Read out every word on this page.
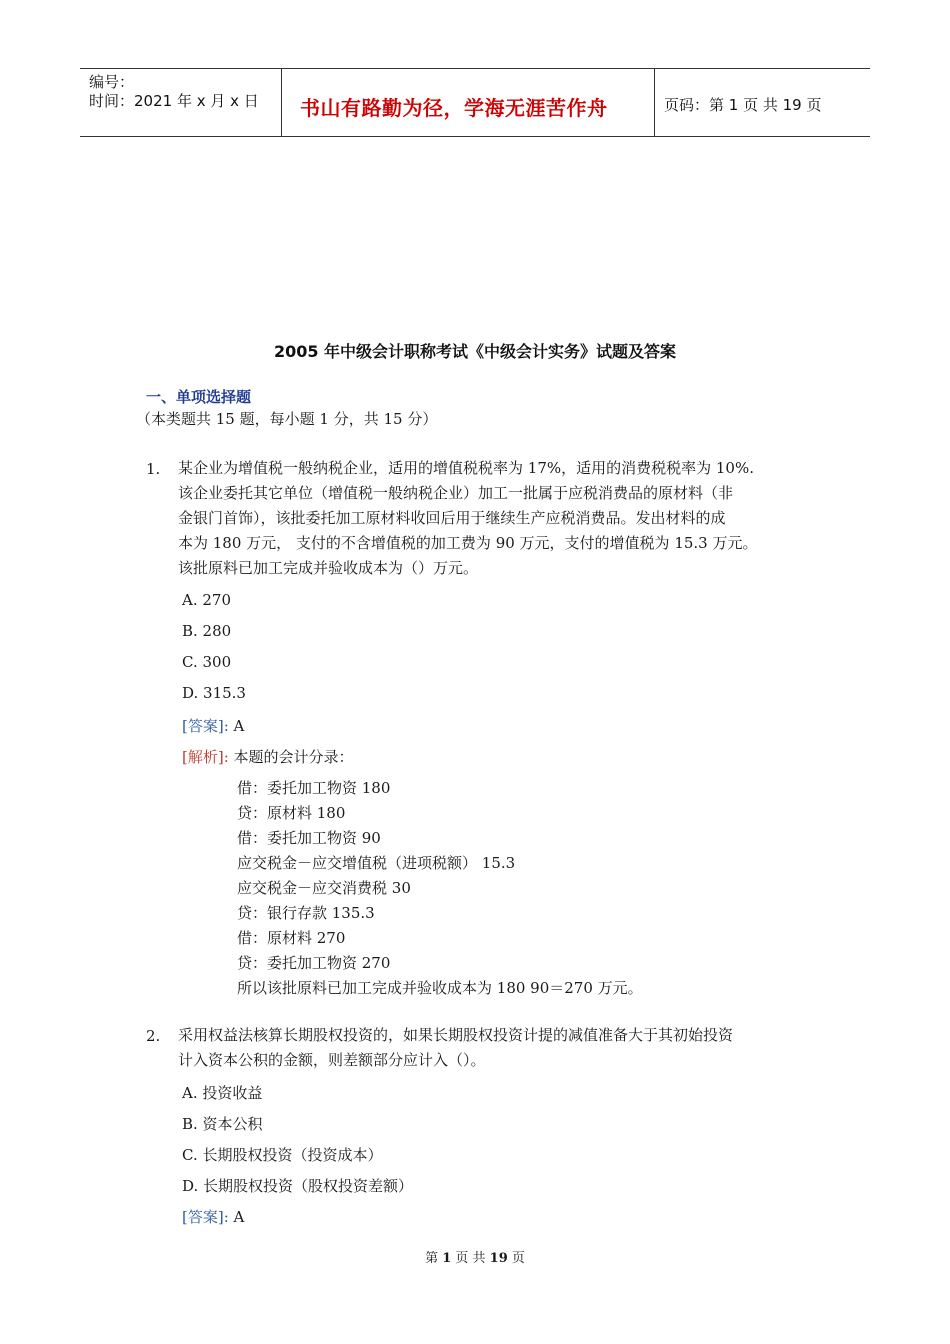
编号：
时间：2021 年 x 月 x 日 书山有路勤为径，学海无涯苦作舟	页码：第 1 页 共 19 页
2005 年中级会计职称考试《中级会计实务》试题及答案
一、单项选择题
（本类题共 15 题，每小题 1 分，共 15 分）
1. 某企业为增值税一般纳税企业，适用的增值税税率为 17%，适用的消费税税率为 10%.
该企业委托其它单位（增值税一般纳税企业）加工一批属于应税消费品的原材料（非
金银门首饰），该批委托加工原材料收回后用于继续生产应税消费品。发出材料的成
本为 180 万元， 支付的不含增值税的加工费为 90 万元，支付的增值税为 15.3 万元。
该批原料已加工完成并验收成本为（）万元。
A. 270
B. 280
C. 300
D. 315.3
[答案]: A
[解析]: 本题的会计分录：
借：委托加工物资 180
贷：原材料 180
借：委托加工物资 90
应交税金－应交增值税（进项税额） 15.3
应交税金－应交消费税 30
贷：银行存款 135.3
借：原材料 270
贷：委托加工物资 270
所以该批原料已加工完成并验收成本为 180 90＝270 万元。
2. 采用权益法核算长期股权投资的，如果长期股权投资计提的减值准备大于其初始投资
计入资本公积的金额，则差额部分应计入（）。
A. 投资收益
B. 资本公积
C. 长期股权投资（投资成本）
D. 长期股权投资（股权投资差额）
[答案]: A
第 1 页 共 19 页
